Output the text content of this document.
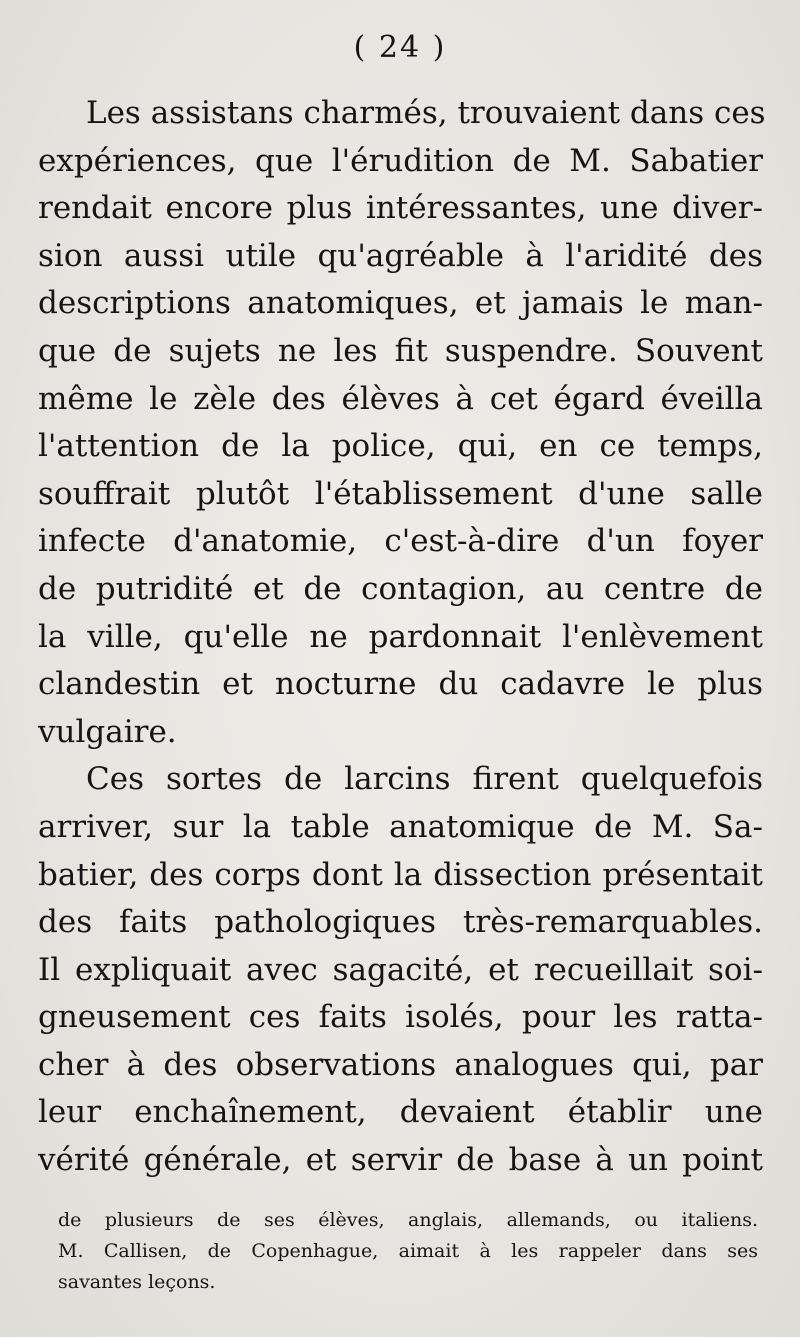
( 24 )
Les assistans charmés, trouvaient dans ces
expériences, que l'érudition de M. Sabatier
rendait encore plus intéressantes, une diver-
sion aussi utile qu'agréable à l'aridité des
descriptions anatomiques, et jamais le man-
que de sujets ne les fit suspendre. Souvent
même le zèle des élèves à cet égard éveilla
l'attention de la police, qui, en ce temps,
souffrait plutôt l'établissement d'une salle
infecte d'anatomie, c'est-à-dire d'un foyer
de putridité et de contagion, au centre de
la ville, qu'elle ne pardonnait l'enlèvement
clandestin et nocturne du cadavre le plus
vulgaire.
Ces sortes de larcins firent quelquefois
arriver, sur la table anatomique de M. Sa-
batier, des corps dont la dissection présentait
des faits pathologiques très-remarquables.
Il expliquait avec sagacité, et recueillait soi-
gneusement ces faits isolés, pour les ratta-
cher à des observations analogues qui, par
leur enchaînement, devaient établir une
vérité générale, et servir de base à un point
de plusieurs de ses élèves, anglais, allemands, ou italiens.
M. Callisen, de Copenhague, aimait à les rappeler dans ses
savantes leçons.
